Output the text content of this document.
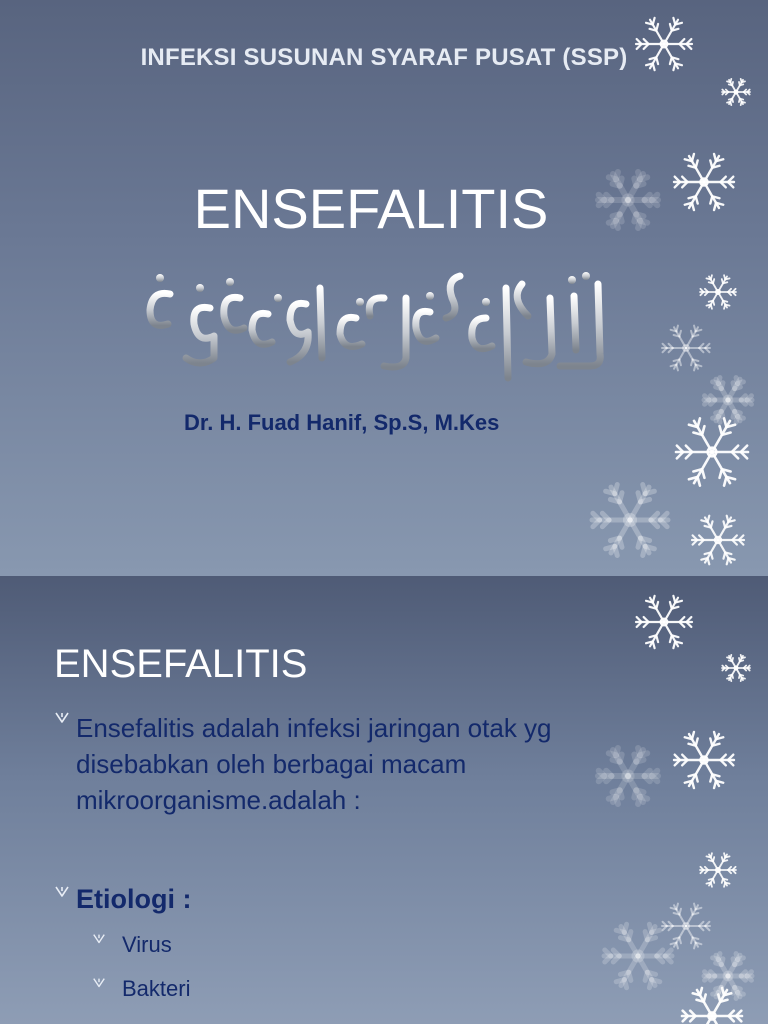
INFEKSI SUSUNAN SYARAF PUSAT (SSP)
ENSEFALITIS
Dr. H. Fuad Hanif, Sp.S, M.Kes
ENSEFALITIS
Ensefalitis adalah infeksi jaringan otak yg disebabkan oleh berbagai macam mikroorganisme.adalah :
Etiologi :
Virus
Bakteri
